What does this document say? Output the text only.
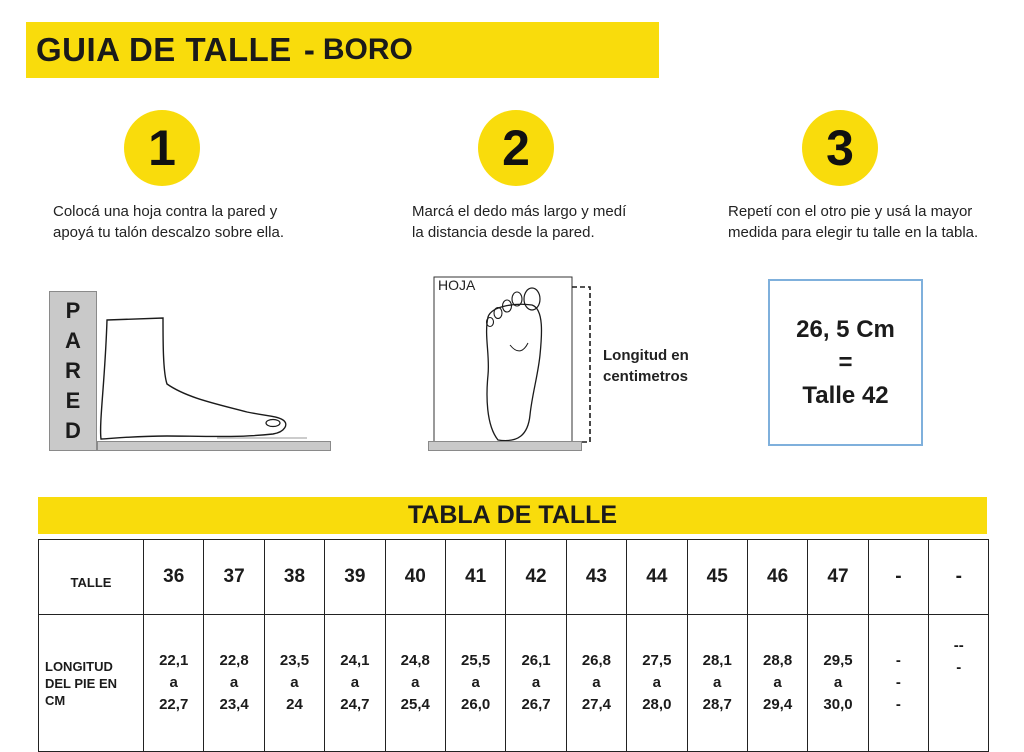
GUIA DE TALLE - BORO
1	2	3
Colocá una hoja contra la pared y
apoyá tu talón descalzo sobre ella.
Marcá el dedo más largo y medí
la distancia desde la pared.
Repetí con el otro pie y usá la mayor
medida para elegir tu talle en la tabla.
P
A
R
E
D
HOJA
Longitud en
centimetros
26, 5 Cm
=
Talle 42
TABLA DE TALLE
TALLE	36	37	38	39	40	41	42	43	44	45	46	47	-	-

LONGITUD
DEL PIE EN
CM	22,1
a
22,7	22,8
a
23,4	23,5
a
24	24,1
a
24,7	24,8
a
25,4	25,5
a
26,0	26,1
a
26,7	26,8
a
27,4	27,5
a
28,0	28,1
a
28,7	28,8
a
29,4	29,5
a
30,0	-
-
-	--
-
